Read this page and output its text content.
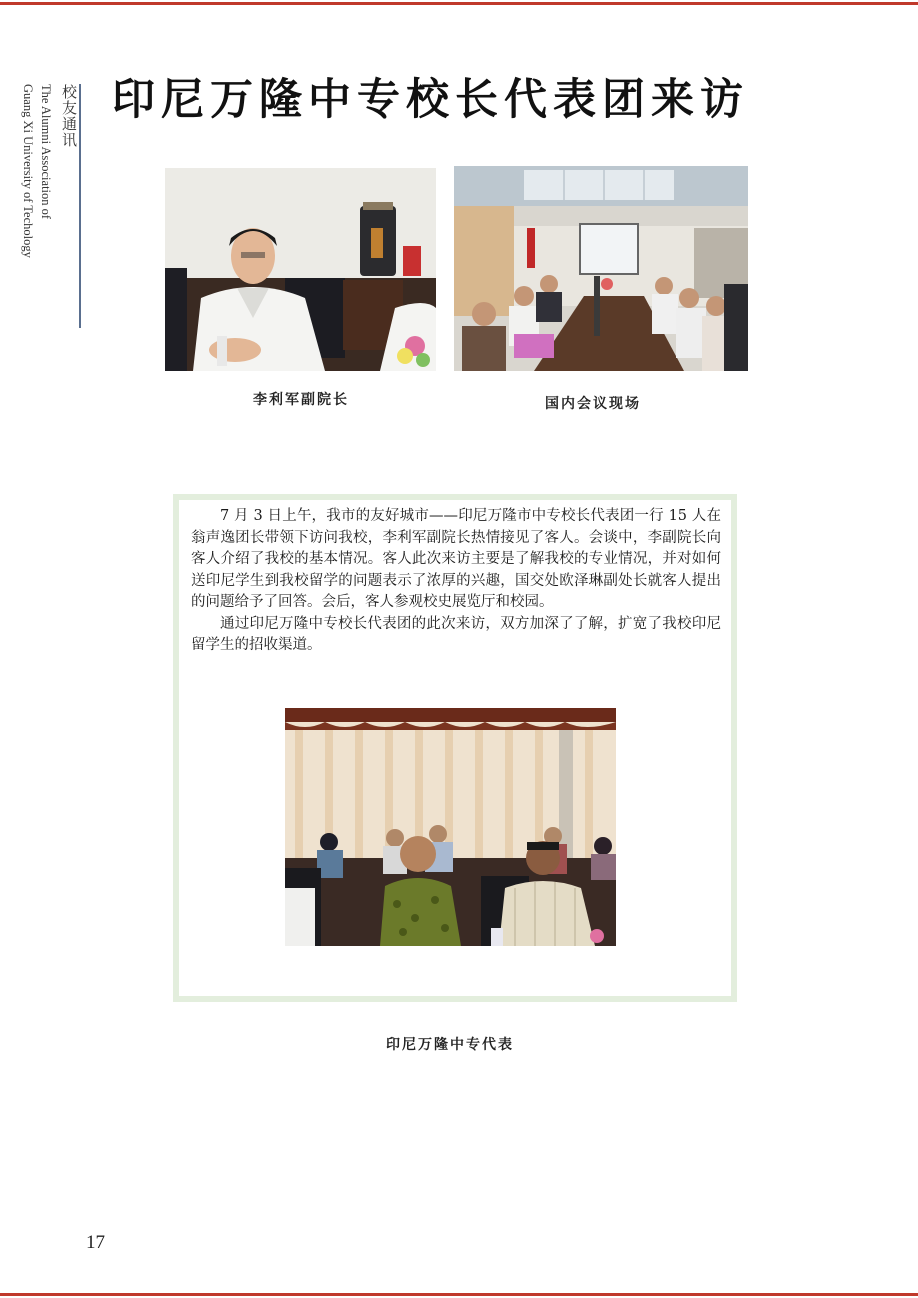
校友通讯
The Alumni Association of
Guang Xi University of Techology 印尼万隆中专校长代表团来访
李利军副院长	国内会议现场

7 月 3 日上午，我市的友好城市——印尼万隆市中专校长代表团一行 15 人在翁声逸团长带领下访问我校，李利军副院长热情接见了客人。会谈中，李副院长向客人介绍了我校的基本情况。客人此次来访主要是了解我校的专业情况，并对如何送印尼学生到我校留学的问题表示了浓厚的兴趣，国交处欧泽琳副处长就客人提出的问题给予了回答。会后，客人参观校史展览厅和校园。

通过印尼万隆中专校长代表团的此次来访，双方加深了了解，扩宽了我校印尼留学生的招收渠道。

印尼万隆中专代表
17
